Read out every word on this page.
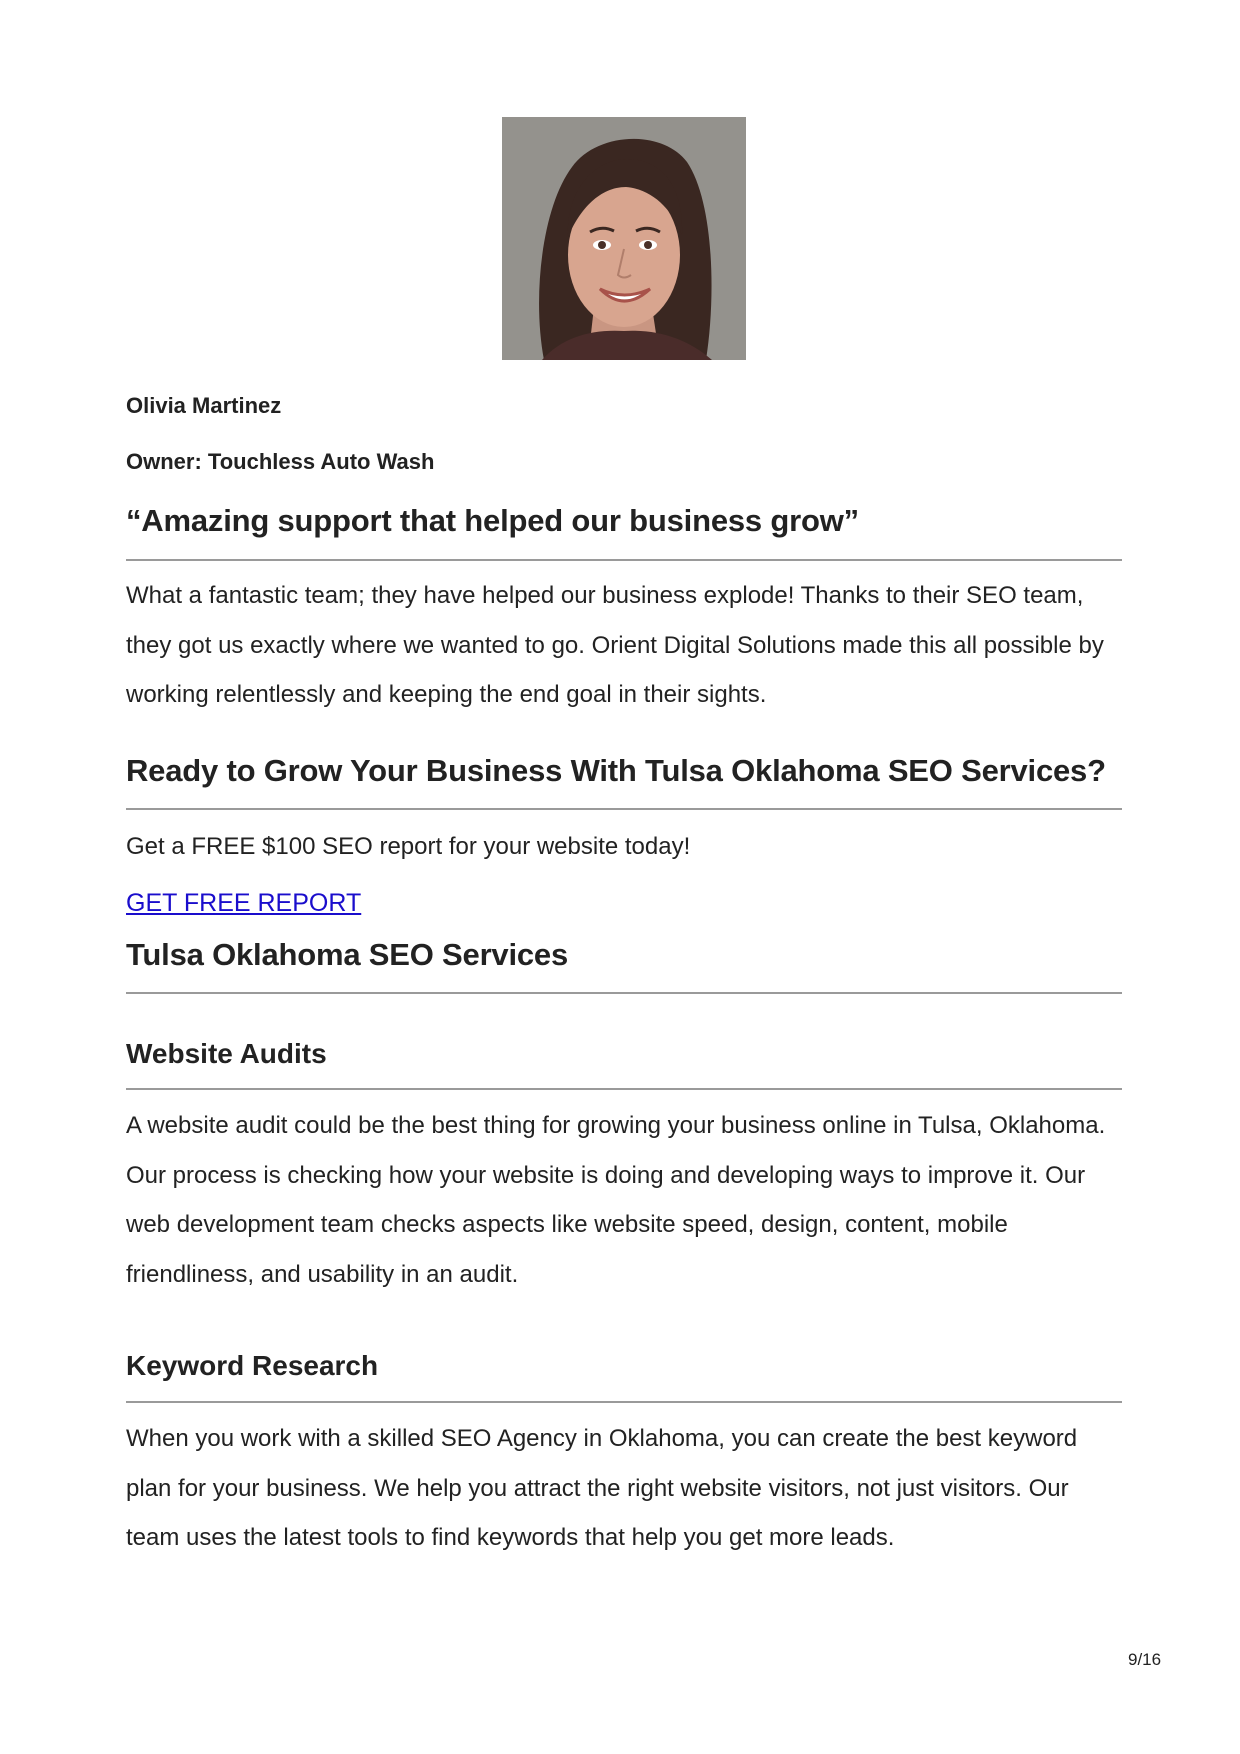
Olivia Martinez
Owner: Touchless Auto Wash
“Amazing support that helped our business grow”
What a fantastic team; they have helped our business explode! Thanks to their SEO team, they got us exactly where we wanted to go. Orient Digital Solutions made this all possible by working relentlessly and keeping the end goal in their sights.
Ready to Grow Your Business With Tulsa Oklahoma SEO Services?
Get a FREE $100 SEO report for your website today!
GET FREE REPORT
Tulsa Oklahoma SEO Services
Website Audits
A website audit could be the best thing for growing your business online in Tulsa, Oklahoma. Our process is checking how your website is doing and developing ways to improve it. Our web development team checks aspects like website speed, design, content, mobile friendliness, and usability in an audit.
Keyword Research
When you work with a skilled SEO Agency in Oklahoma, you can create the best keyword plan for your business. We help you attract the right website visitors, not just visitors. Our team uses the latest tools to find keywords that help you get more leads.
9/16
